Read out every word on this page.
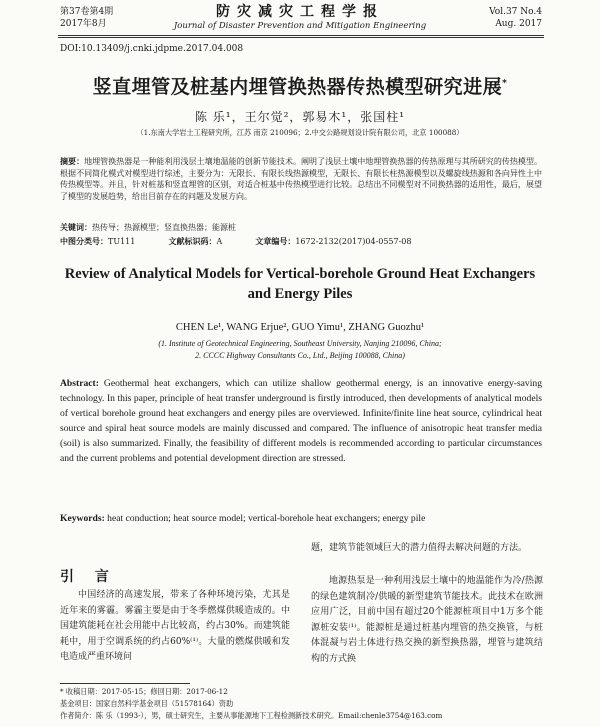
第37卷第4期
2017年8月
防灾减灾工程学报
Journal of Disaster Prevention and Mitigation Engineering
Vol.37 No.4
Aug. 2017
DOI:10.13409/j.cnki.jdpme.2017.04.008
竖直埋管及桩基内埋管换热器传热模型研究进展*
陈 乐¹，王尔觉²，郭易木¹，张国柱¹
（1.东南大学岩土工程研究所，江苏 南京 210096；2.中交公路规划设计院有限公司，北京 100088）
摘要：地埋管换热器是一种能利用浅层土壤地温能的创新节能技术。阐明了浅层土壤中地埋管换热器的传热原理与其所研究的传热模型。根据不同简化模式对模型进行综述，主要分为：无限长、有限长线热源模型，无限长、有限长柱热源模型以及螺旋线热源和各向异性土中传热模型等。并且，针对桩基和竖直埋管的区别，对适合桩基中传热模型进行比较。总结出不同模型对不同换热器的适用性，最后，展望了模型的发展趋势，给出目前存在的问题及发展方向。
关键词：热传导；热源模型；竖直换热器；能源桩
中图分类号：TU111	文献标识码：A	文章编号：1672-2132(2017)04-0557-08
Review of Analytical Models for Vertical-borehole Ground Heat Exchangers and Energy Piles
CHEN Le¹, WANG Erjue², GUO Yimu¹, ZHANG Guozhu¹
(1. Institute of Geotechnical Engineering, Southeast University, Nanjing 210096, China;
2. CCCC Highway Consultants Co., Ltd., Beijing 100088, China)
Abstract: Geothermal heat exchangers, which can utilize shallow geothermal energy, is an innovative energy-saving technology. In this paper, principle of heat transfer underground is firstly introduced, then developments of analytical models of vertical borehole ground heat exchangers and energy piles are overviewed. Infinite/finite line heat source, cylindrical heat source and spiral heat source models are mainly discussed and compared. The influence of anisotropic heat transfer media (soil) is also summarized. Finally, the feasibility of different models is recommended according to particular circumstances and the current problems and potential development direction are stressed.
Keywords: heat conduction; heat source model; vertical-borehole heat exchangers; energy pile
引 言
中国经济的高速发展，带来了各种环境污染，尤其是近年来的雾霾。雾霾主要是由于冬季燃煤供暖造成的。中国建筑能耗在社会用能中占比较高，约占30%。而建筑能耗中，用于空调系统的约占60%⁽¹⁾。大量的燃煤供暖和发电造成严重环境问
题，建筑节能领域巨大的潜力值得去解决问题的方法。
地源热泵是一种利用浅层土壤中的地温能作为冷/热源的绿色建筑制冷/供暖的新型建筑节能技术。此技术在欧洲应用广泛，目前中国有超过20个能源桩项目中1万多个能源桩安装⁽¹⁾。能源桩是通过桩基内埋管的热交换管，与桩体混凝与岩土体进行热交换的新型换热器，埋管与建筑结构的方式换
* 收稿日期：2017-05-15；修回日期：2017-06-12
基金项目：国家自然科学基金项目（51578164）资助
作者简介：陈 乐（1993-），男，硕士研究生，主要从事能源地下工程检测新技术研究。Email:chenle3754@163.com
